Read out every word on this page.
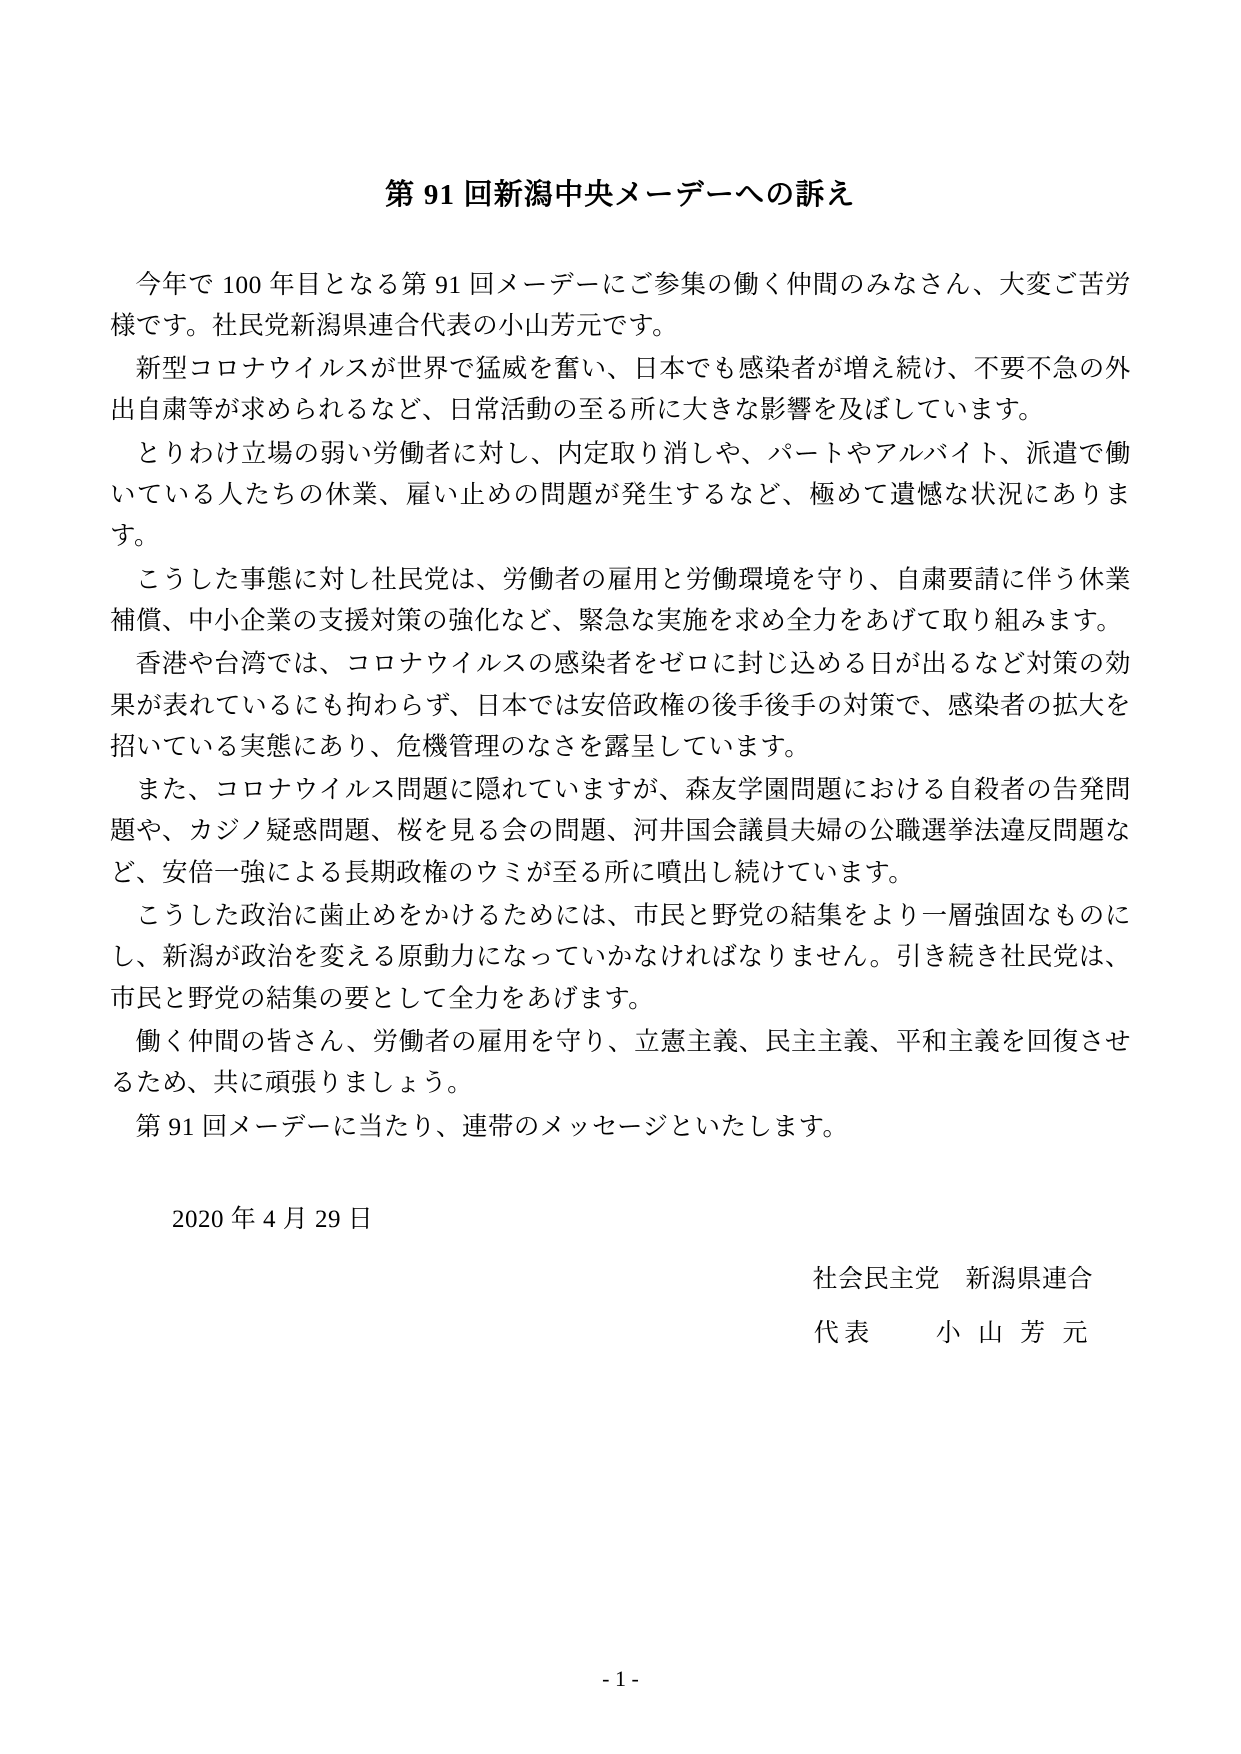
第 91 回新潟中央メーデーへの訴え

今年で 100 年目となる第 91 回メーデーにご参集の働く仲間のみなさん、大変ご苦労様です。社民党新潟県連合代表の小山芳元です。

新型コロナウイルスが世界で猛威を奮い、日本でも感染者が増え続け、不要不急の外出自粛等が求められるなど、日常活動の至る所に大きな影響を及ぼしています。

とりわけ立場の弱い労働者に対し、内定取り消しや、パートやアルバイト、派遣で働いている人たちの休業、雇い止めの問題が発生するなど、極めて遺憾な状況にあります。

こうした事態に対し社民党は、労働者の雇用と労働環境を守り、自粛要請に伴う休業補償、中小企業の支援対策の強化など、緊急な実施を求め全力をあげて取り組みます。

香港や台湾では、コロナウイルスの感染者をゼロに封じ込める日が出るなど対策の効果が表れているにも拘わらず、日本では安倍政権の後手後手の対策で、感染者の拡大を招いている実態にあり、危機管理のなさを露呈しています。

また、コロナウイルス問題に隠れていますが、森友学園問題における自殺者の告発問題や、カジノ疑惑問題、桜を見る会の問題、河井国会議員夫婦の公職選挙法違反問題など、安倍一強による長期政権のウミが至る所に噴出し続けています。

こうした政治に歯止めをかけるためには、市民と野党の結集をより一層強固なものにし、新潟が政治を変える原動力になっていかなければなりません。引き続き社民党は、市民と野党の結集の要として全力をあげます。

働く仲間の皆さん、労働者の雇用を守り、立憲主義、民主主義、平和主義を回復させるため、共に頑張りましょう。

第 91 回メーデーに当たり、連帯のメッセージといたします。

2020 年 4 月 29 日
社会民主党　新潟県連合
代表　　小 山 芳 元
- 1 -
